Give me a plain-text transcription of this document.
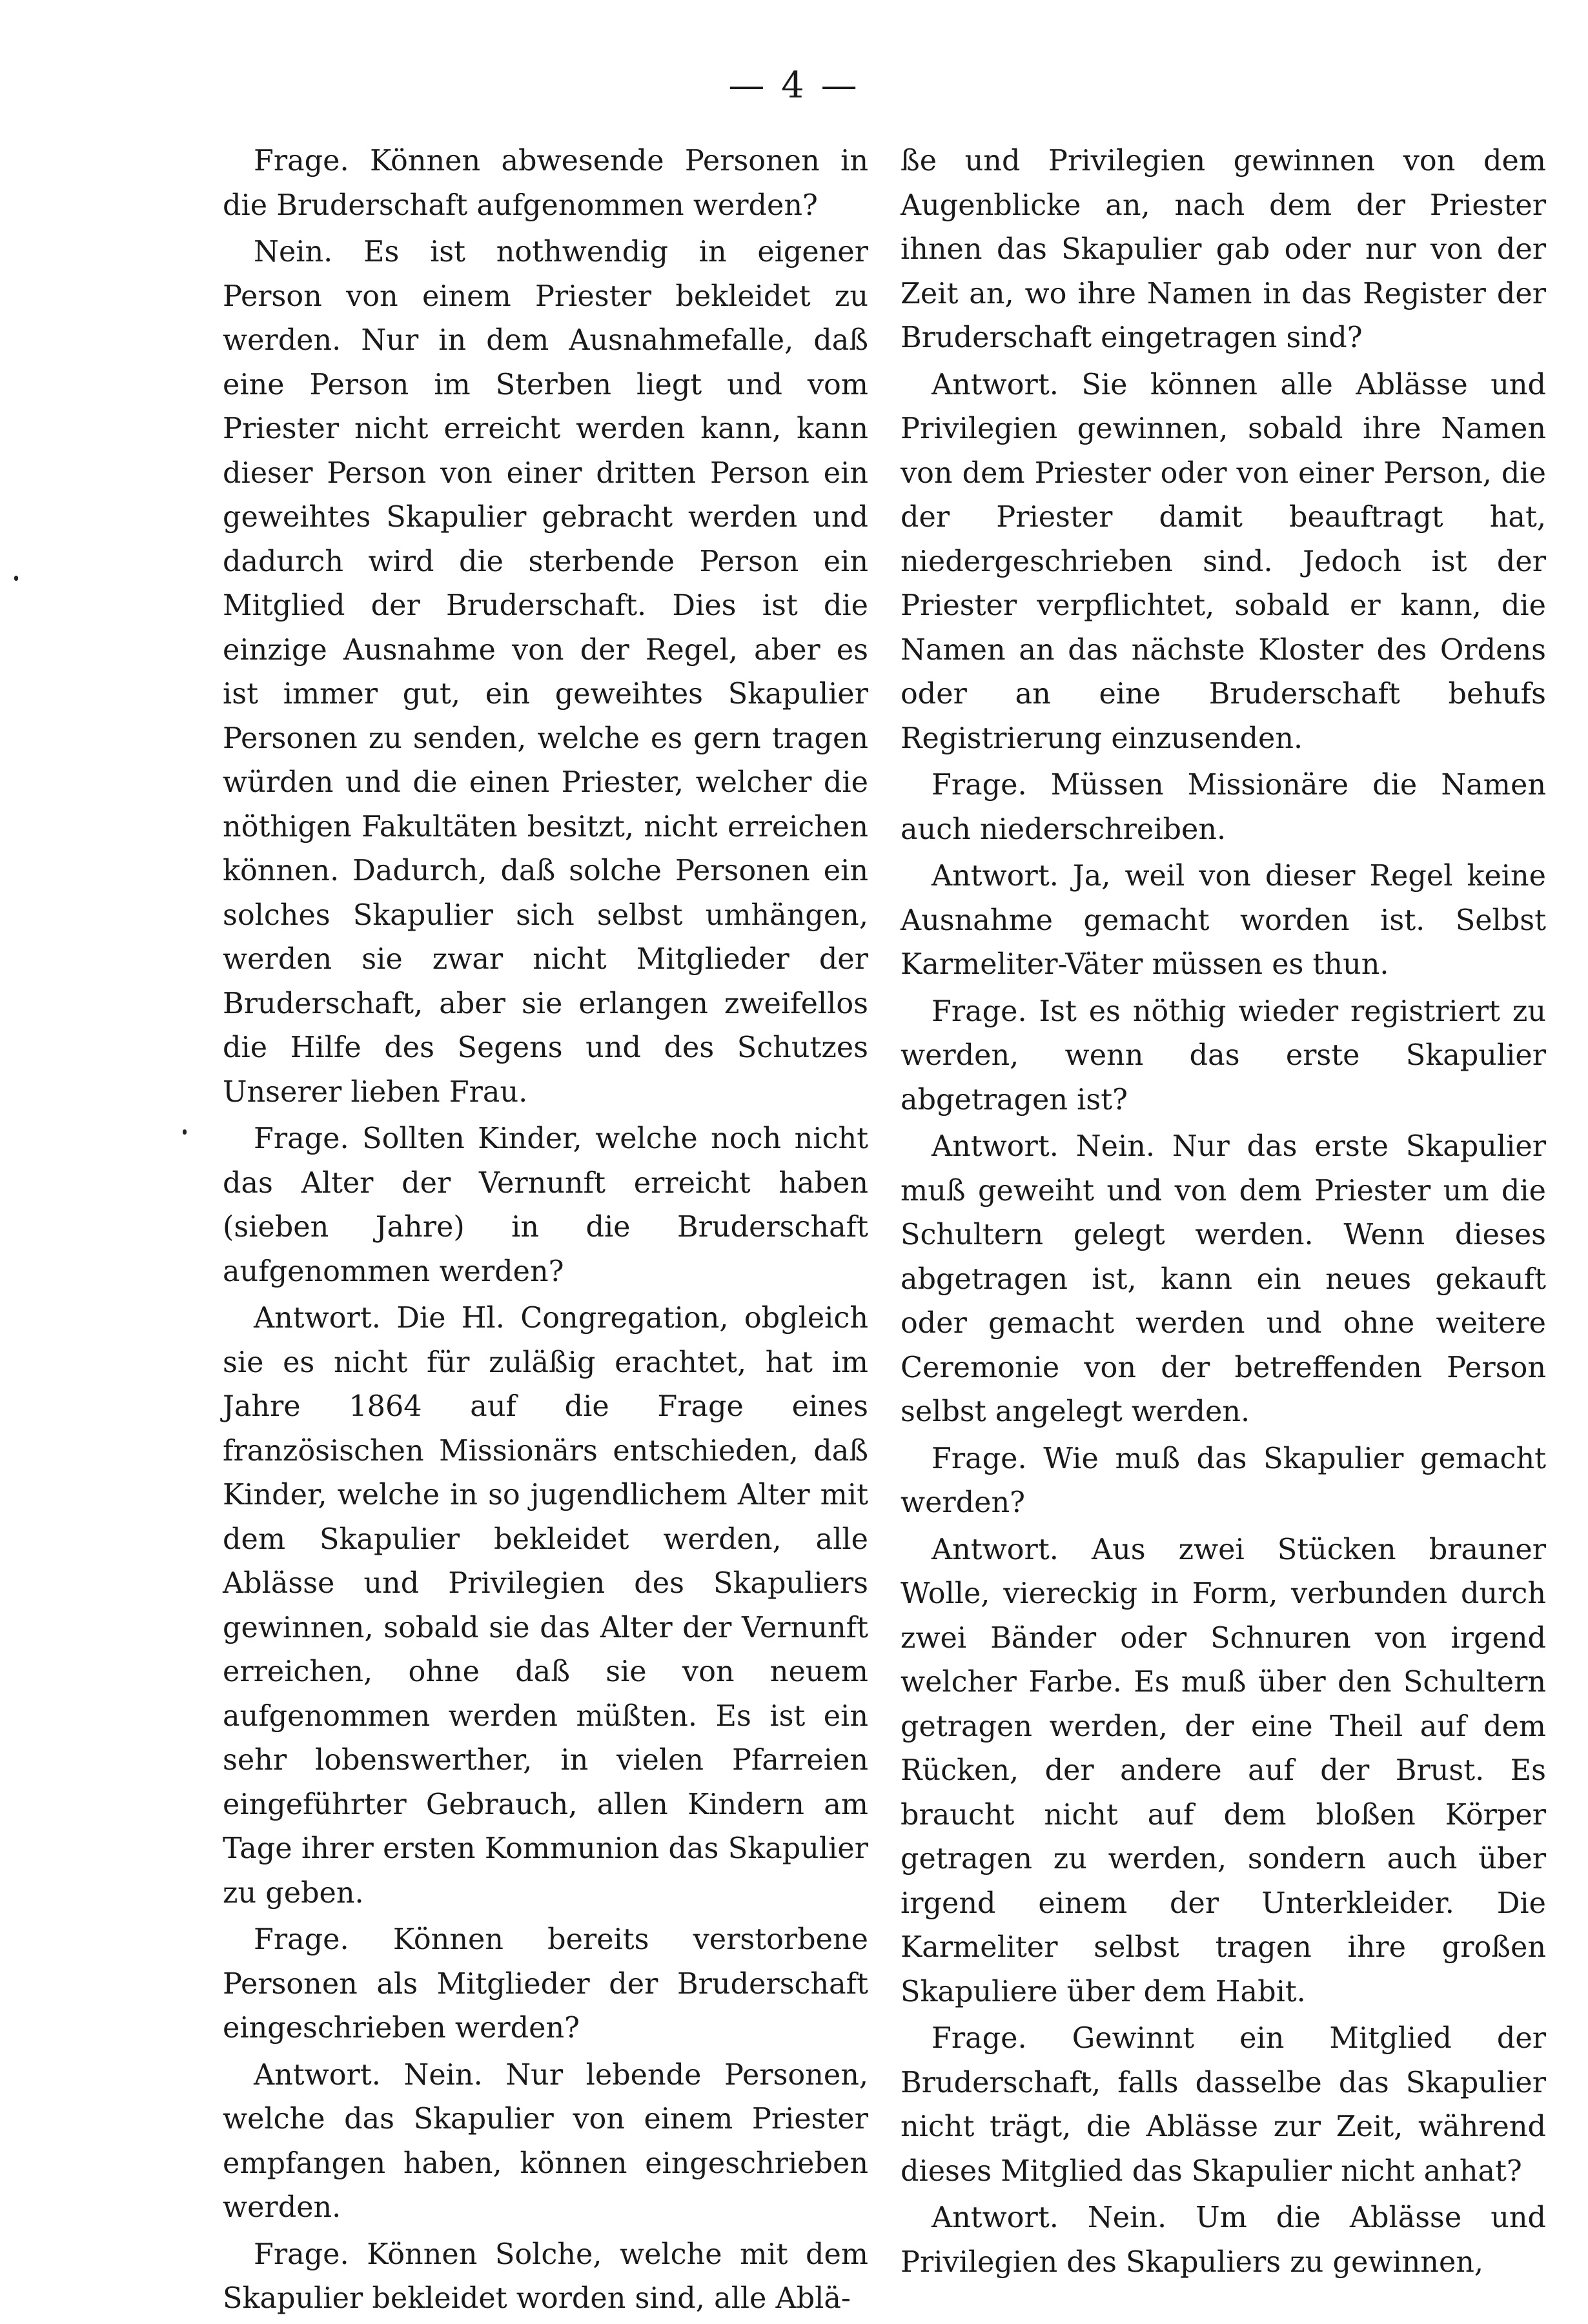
— 4 —

Frage. Können abwesende Personen in die Bruderschaft aufgenommen werden?

Nein. Es ist nothwendig in eigener Person von einem Priester bekleidet zu werden. Nur in dem Ausnahmefalle, daß eine Person im Sterben liegt und vom Priester nicht erreicht werden kann, kann dieser Person von einer dritten Person ein geweihtes Skapulier gebracht werden und dadurch wird die sterbende Person ein Mitglied der Bruderschaft. Dies ist die einzige Ausnahme von der Regel, aber es ist immer gut, ein geweihtes Skapulier Personen zu senden, welche es gern tragen würden und die einen Priester, welcher die nöthigen Fakultäten besitzt, nicht erreichen können. Dadurch, daß solche Personen ein solches Skapulier sich selbst umhängen, werden sie zwar nicht Mitglieder der Bruderschaft, aber sie erlangen zweifellos die Hilfe des Segens und des Schutzes Unserer lieben Frau.

Frage. Sollten Kinder, welche noch nicht das Alter der Vernunft erreicht haben (sieben Jahre) in die Bruderschaft aufgenommen werden?

Antwort. Die Hl. Congregation, obgleich sie es nicht für zuläßig erachtet, hat im Jahre 1864 auf die Frage eines französischen Missionärs entschieden, daß Kinder, welche in so jugendlichem Alter mit dem Skapulier bekleidet werden, alle Ablässe und Privilegien des Skapuliers gewinnen, sobald sie das Alter der Vernunft erreichen, ohne daß sie von neuem aufgenommen werden müßten. Es ist ein sehr lobenswerther, in vielen Pfarreien eingeführter Gebrauch, allen Kindern am Tage ihrer ersten Kommunion das Skapulier zu geben.

Frage. Können bereits verstorbene Personen als Mitglieder der Bruderschaft eingeschrieben werden?

Antwort. Nein. Nur lebende Personen, welche das Skapulier von einem Priester empfangen haben, können eingeschrieben werden.

Frage. Können Solche, welche mit dem Skapulier bekleidet worden sind, alle Ablä-

ße und Privilegien gewinnen von dem Augenblicke an, nach dem der Priester ihnen das Skapulier gab oder nur von der Zeit an, wo ihre Namen in das Register der Bruderschaft eingetragen sind?

Antwort. Sie können alle Ablässe und Privilegien gewinnen, sobald ihre Namen von dem Priester oder von einer Person, die der Priester damit beauftragt hat, niedergeschrieben sind. Jedoch ist der Priester verpflichtet, sobald er kann, die Namen an das nächste Kloster des Ordens oder an eine Bruderschaft behufs Registrierung einzusenden.

Frage. Müssen Missionäre die Namen auch niederschreiben.

Antwort. Ja, weil von dieser Regel keine Ausnahme gemacht worden ist. Selbst Karmeliter-Väter müssen es thun.

Frage. Ist es nöthig wieder registriert zu werden, wenn das erste Skapulier abgetragen ist?

Antwort. Nein. Nur das erste Skapulier muß geweiht und von dem Priester um die Schultern gelegt werden. Wenn dieses abgetragen ist, kann ein neues gekauft oder gemacht werden und ohne weitere Ceremonie von der betreffenden Person selbst angelegt werden.

Frage. Wie muß das Skapulier gemacht werden?

Antwort. Aus zwei Stücken brauner Wolle, viereckig in Form, verbunden durch zwei Bänder oder Schnuren von irgend welcher Farbe. Es muß über den Schultern getragen werden, der eine Theil auf dem Rücken, der andere auf der Brust. Es braucht nicht auf dem bloßen Körper getragen zu werden, sondern auch über irgend einem der Unterkleider. Die Karmeliter selbst tragen ihre großen Skapuliere über dem Habit.

Frage. Gewinnt ein Mitglied der Bruderschaft, falls dasselbe das Skapulier nicht trägt, die Ablässe zur Zeit, während dieses Mitglied das Skapulier nicht anhat?

Antwort. Nein. Um die Ablässe und Privilegien des Skapuliers zu gewinnen,
